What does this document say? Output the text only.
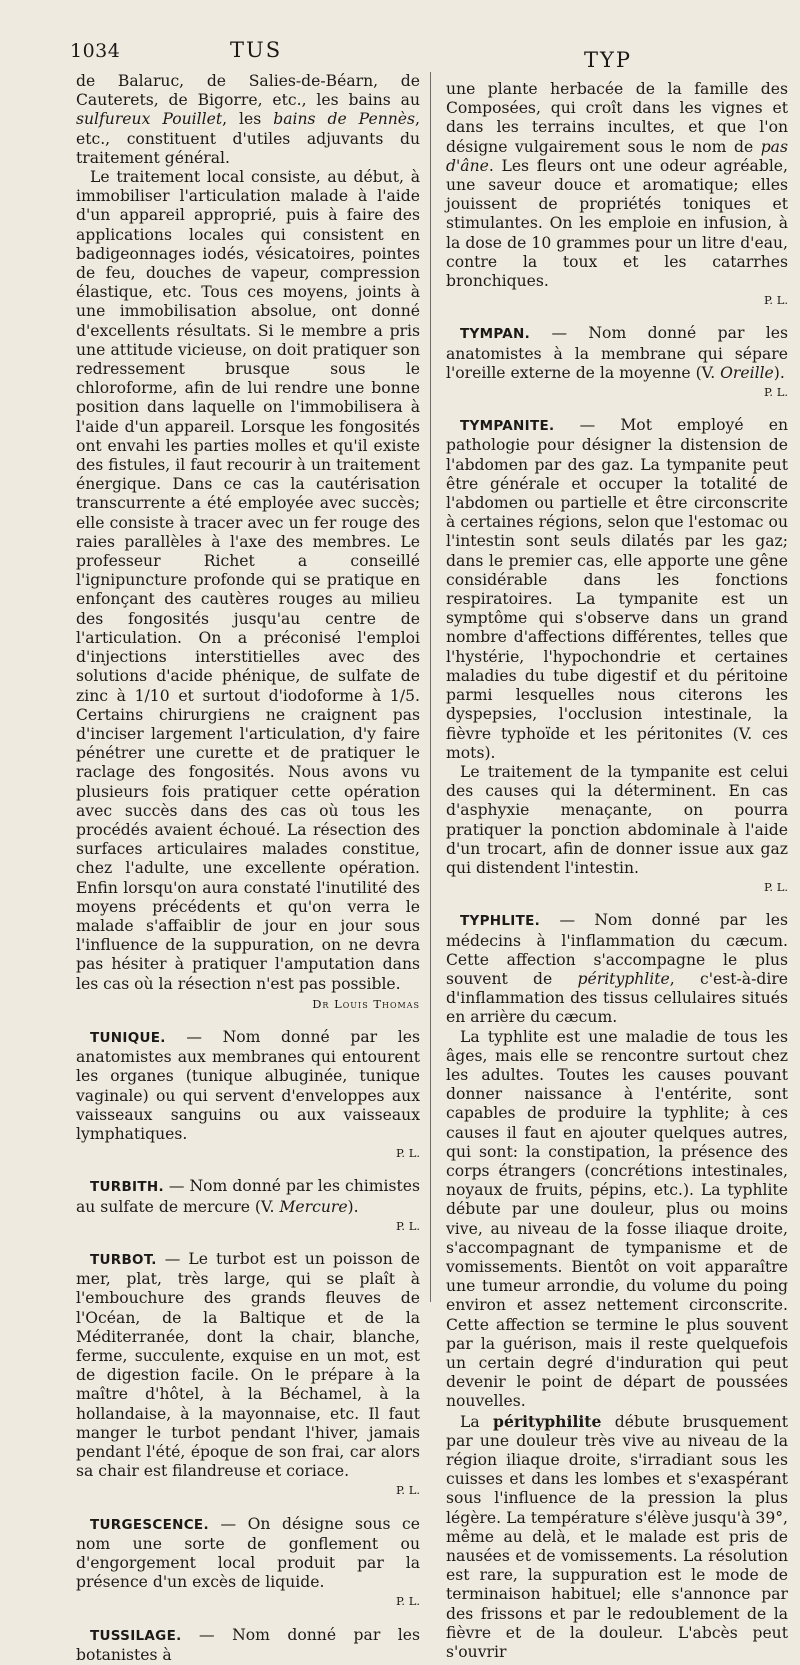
1034	TUS	TYP

de Balaruc, de Salies-de-Béarn, de Cauterets, de Bigorre, etc., les bains au sulfureux Pouillet, les bains de Pennès, etc., constituent d'utiles adjuvants du traitement général.

Le traitement local consiste, au début, à immobiliser l'articulation malade à l'aide d'un appareil approprié, puis à faire des applications locales qui consistent en badigeonnages iodés, vésicatoires, pointes de feu, douches de vapeur, compression élastique, etc. Tous ces moyens, joints à une immobilisation absolue, ont donné d'excellents résultats. Si le membre a pris une attitude vicieuse, on doit pratiquer son redressement brusque sous le chloroforme, afin de lui rendre une bonne position dans laquelle on l'immobilisera à l'aide d'un appareil. Lorsque les fongosités ont envahi les parties molles et qu'il existe des fistules, il faut recourir à un traitement énergique. Dans ce cas la cautérisation transcurrente a été employée avec succès; elle consiste à tracer avec un fer rouge des raies parallèles à l'axe des membres. Le professeur Richet a conseillé l'ignipuncture profonde qui se pratique en enfonçant des cautères rouges au milieu des fongosités jusqu'au centre de l'articulation. On a préconisé l'emploi d'injections interstitielles avec des solutions d'acide phénique, de sulfate de zinc à 1/10 et surtout d'iodoforme à 1/5. Certains chirurgiens ne craignent pas d'inciser largement l'articulation, d'y faire pénétrer une curette et de pratiquer le raclage des fongosités. Nous avons vu plusieurs fois pratiquer cette opération avec succès dans des cas où tous les procédés avaient échoué. La résection des surfaces articulaires malades constitue, chez l'adulte, une excellente opération. Enfin lorsqu'on aura constaté l'inutilité des moyens précédents et qu'on verra le malade s'affaiblir de jour en jour sous l'influence de la suppuration, on ne devra pas hésiter à pratiquer l'amputation dans les cas où la résection n'est pas possible.

Dr Louis Thomas

TUNIQUE. — Nom donné par les anatomistes aux membranes qui entourent les organes (tunique albuginée, tunique vaginale) ou qui servent d'enveloppes aux vaisseaux sanguins ou aux vaisseaux lymphatiques.

P. L.

TURBITH. — Nom donné par les chimistes au sulfate de mercure (V. Mercure).

P. L.

TURBOT. — Le turbot est un poisson de mer, plat, très large, qui se plaît à l'embouchure des grands fleuves de l'Océan, de la Baltique et de la Méditerranée, dont la chair, blanche, ferme, succulente, exquise en un mot, est de digestion facile. On le prépare à la maître d'hôtel, à la Béchamel, à la hollandaise, à la mayonnaise, etc. Il faut manger le turbot pendant l'hiver, jamais pendant l'été, époque de son frai, car alors sa chair est filandreuse et coriace.

P. L.

TURGESCENCE. — On désigne sous ce nom une sorte de gonflement ou d'engorgement local produit par la présence d'un excès de liquide.

P. L.

TUSSILAGE. — Nom donné par les botanistes à

une plante herbacée de la famille des Composées, qui croît dans les vignes et dans les terrains incultes, et que l'on désigne vulgairement sous le nom de pas d'âne. Les fleurs ont une odeur agréable, une saveur douce et aromatique; elles jouissent de propriétés toniques et stimulantes. On les emploie en infusion, à la dose de 10 grammes pour un litre d'eau, contre la toux et les catarrhes bronchiques.

P. L.

TYMPAN. — Nom donné par les anatomistes à la membrane qui sépare l'oreille externe de la moyenne (V. Oreille).

P. L.

TYMPANITE. — Mot employé en pathologie pour désigner la distension de l'abdomen par des gaz. La tympanite peut être générale et occuper la totalité de l'abdomen ou partielle et être circonscrite à certaines régions, selon que l'estomac ou l'intestin sont seuls dilatés par les gaz; dans le premier cas, elle apporte une gêne considérable dans les fonctions respiratoires. La tympanite est un symptôme qui s'observe dans un grand nombre d'affections différentes, telles que l'hystérie, l'hypochondrie et certaines maladies du tube digestif et du péritoine parmi lesquelles nous citerons les dyspepsies, l'occlusion intestinale, la fièvre typhoïde et les péritonites (V. ces mots).

Le traitement de la tympanite est celui des causes qui la déterminent. En cas d'asphyxie menaçante, on pourra pratiquer la ponction abdominale à l'aide d'un trocart, afin de donner issue aux gaz qui distendent l'intestin.

P. L.

TYPHLITE. — Nom donné par les médecins à l'inflammation du cæcum. Cette affection s'accompagne le plus souvent de pérityphlite, c'est-à-dire d'inflammation des tissus cellulaires situés en arrière du cæcum.

La typhlite est une maladie de tous les âges, mais elle se rencontre surtout chez les adultes. Toutes les causes pouvant donner naissance à l'entérite, sont capables de produire la typhlite; à ces causes il faut en ajouter quelques autres, qui sont: la constipation, la présence des corps étrangers (concrétions intestinales, noyaux de fruits, pépins, etc.). La typhlite débute par une douleur, plus ou moins vive, au niveau de la fosse iliaque droite, s'accompagnant de tympanisme et de vomissements. Bientôt on voit apparaître une tumeur arrondie, du volume du poing environ et assez nettement circonscrite. Cette affection se termine le plus souvent par la guérison, mais il reste quelquefois un certain degré d'induration qui peut devenir le point de départ de poussées nouvelles.

La pérityphilite débute brusquement par une douleur très vive au niveau de la région iliaque droite, s'irradiant sous les cuisses et dans les lombes et s'exaspérant sous l'influence de la pression la plus légère. La température s'élève jusqu'à 39°, même au delà, et le malade est pris de nausées et de vomissements. La résolution est rare, la suppuration est le mode de terminaison habituel; elle s'annonce par des frissons et par le redoublement de la fièvre et de la douleur. L'abcès peut s'ouvrir
